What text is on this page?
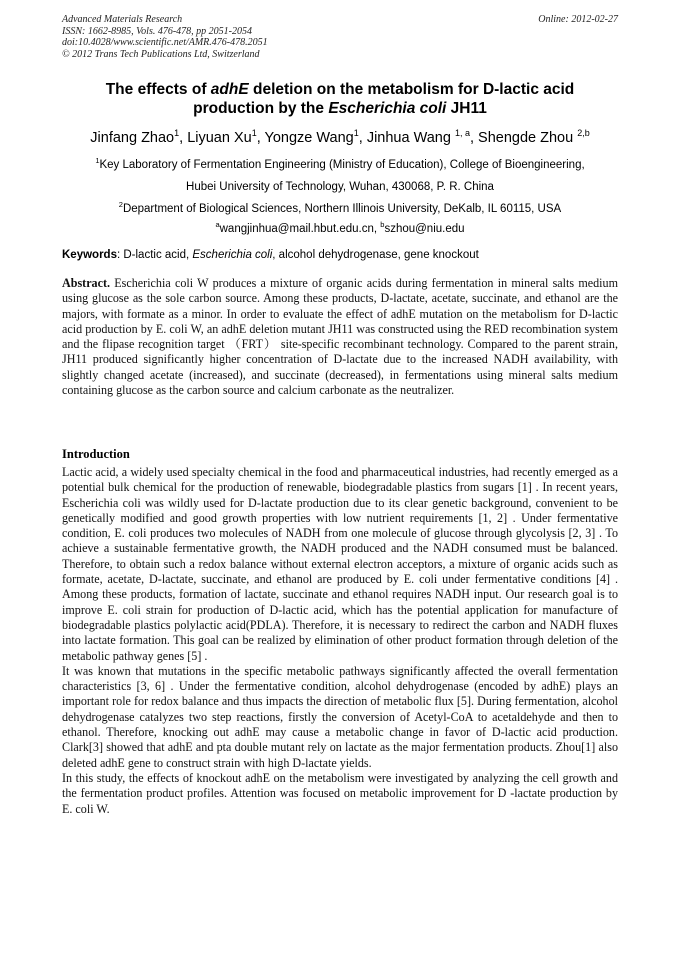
Advanced Materials Research
ISSN: 1662-8985, Vols. 476-478, pp 2051-2054
doi:10.4028/www.scientific.net/AMR.476-478.2051
© 2012 Trans Tech Publications Ltd, Switzerland
Online: 2012-02-27
The effects of adhE deletion on the metabolism for D-lactic acid
production by the Escherichia coli JH11
Jinfang Zhao$^1$, Liyuan Xu$^1$, Yongze Wang$^1$, Jinhua Wang $^{1, a}$, Shengde Zhou $^{2,b}$
$^1$Key Laboratory of Fermentation Engineering (Ministry of Education), College of Bioengineering,
Hubei University of Technology, Wuhan, 430068, P. R. China
$^2$Department of Biological Sciences, Northern Illinois University, DeKalb, IL 60115, USA
$^a$wangjinhua@mail.hbut.edu.cn, $^b$szhou@niu.edu
Keywords: D-lactic acid, Escherichia coli, alcohol dehydrogenase, gene knockout
Abstract. Escherichia coli W produces a mixture of organic acids during fermentation in mineral salts medium using glucose as the sole carbon source. Among these products, D-lactate, acetate, succinate, and ethanol are the majors, with formate as a minor. In order to evaluate the effect of adhE mutation on the metabolism for D-lactic acid production by E. coli W, an adhE deletion mutant JH11 was constructed using the RED recombination system and the flipase recognition target （FRT） site-specific recombinant technology. Compared to the parent strain, JH11 produced significantly higher concentration of D-lactate due to the increased NADH availability, with slightly changed acetate (increased), and succinate (decreased), in fermentations using mineral salts medium containing glucose as the carbon source and calcium carbonate as the neutralizer.
Introduction

Lactic acid, a widely used specialty chemical in the food and pharmaceutical industries, had recently emerged as a potential bulk chemical for the production of renewable, biodegradable plastics from sugars [1] . In recent years, Escherichia coli was wildly used for D-lactate production due to its clear genetic background, convenient to be genetically modified and good growth properties with low nutrient requirements [1, 2] . Under fermentative condition, E. coli produces two molecules of NADH from one molecule of glucose through glycolysis [2, 3] . To achieve a sustainable fermentative growth, the NADH produced and the NADH consumed must be balanced. Therefore, to obtain such a redox balance without external electron acceptors, a mixture of organic acids such as formate, acetate, D-lactate, succinate, and ethanol are produced by E. coli under fermentative conditions [4] . Among these products, formation of lactate, succinate and ethanol requires NADH input. Our research goal is to improve E. coli strain for production of D-lactic acid, which has the potential application for manufacture of biodegradable plastics polylactic acid(PDLA). Therefore, it is necessary to redirect the carbon and NADH fluxes into lactate formation. This goal can be realized by elimination of other product formation through deletion of the metabolic pathway genes [5] .

It was known that mutations in the specific metabolic pathways significantly affected the overall fermentation characteristics [3, 6] . Under the fermentative condition, alcohol dehydrogenase (encoded by adhE) plays an important role for redox balance and thus impacts the direction of metabolic flux [5]. During fermentation, alcohol dehydrogenase catalyzes two step reactions, firstly the conversion of Acetyl-CoA to acetaldehyde and then to ethanol. Therefore, knocking out adhE may cause a metabolic change in favor of D-lactic acid production. Clark[3] showed that adhE and pta double mutant rely on lactate as the major fermentation products. Zhou[1] also deleted adhE gene to construct strain with high D-lactate yields.

In this study, the effects of knockout adhE on the metabolism were investigated by analyzing the cell growth and the fermentation product profiles. Attention was focused on metabolic improvement for D -lactate production by E. coli W.
